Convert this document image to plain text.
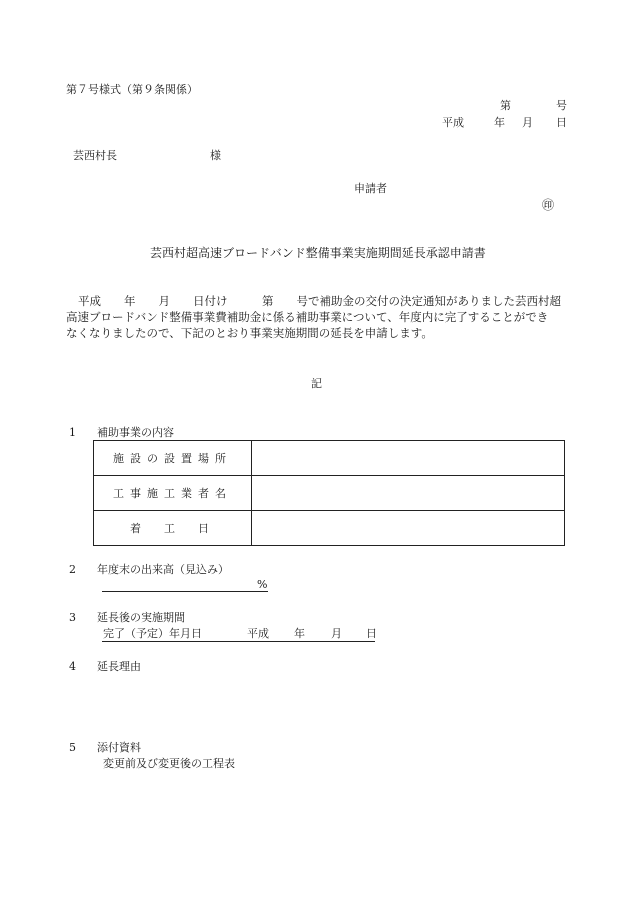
第７号様式（第９条関係）
第	号
平成	年 月 日
芸西村長	様
申請者
㊞
芸西村超高速ブロードバンド整備事業実施期間延長承認申請書
平成　　年　　月　　日付け　　　第　　号で補助金の交付の決定通知がありました芸西村超
高速ブロードバンド整備事業費補助金に係る補助事業について、年度内に完了することができ
なくなりましたので、下記のとおり事業実施期間の延長を申請します。
記
1 補助事業の内容
施設の設置場所	
工事施工業者名	
着　工　日	
2 年度末の出来高（見込み）
%
3 延長後の実施期間
完了（予定）年月日	平成 年 月 日
4 延長理由
5 添付資料
変更前及び変更後の工程表
